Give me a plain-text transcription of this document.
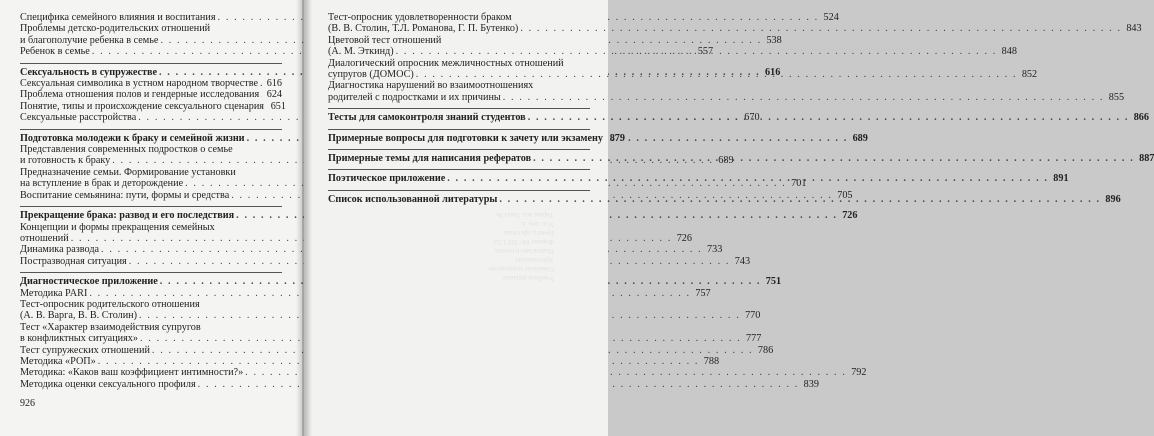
Специфика семейного влияния и воспитания . . .	524
Проблемы детско-родительских отношений
и благополучие ребенка в семье . . .	538
Ребенок в семье . . .	557
Сексуальность в супружестве . . .	616
Сексуальная символика в устном народном творчестве . . . 616
Проблема отношения полов и гендерные исследования . . . 624
Понятие, типы и происхождение сексуального сценария 651
Сексуальные расстройства . . .	670
Подготовка молодежи к браку и семейной жизни . . .	689
Представления современных подростков о семье
и готовность к браку . . .	689
Предназначение семьи. Формирование установки
на вступление в брак и деторождение . . .	701
Воспитание семьянина: пути, формы и средства . . .	705
Прекращение брака: развод и его последствия . . .	726
Концепции и формы прекращения семейных
отношений . . .	726
Динамика развода . . .	733
Постразводная ситуация . . .	743
Диагностическое приложение . . .	751
Методика PARI . . .	757
Тест-опросник родительского отношения
(А. В. Варга, В. В. Столин) . . .	770
Тест «Характер взаимодействия супругов
в конфликтных ситуациях» . . .	777
Тест супружеских отношений . . .	786
Методика «РОП» . . .	788
Методика: «Каков ваш коэффициент интимности?» . . .	792
Методика оценки сексуального профиля . . .	839
926
Учебное издание
Семейная психология
Хрестоматия
Подписано в печать
Формат 84×108 1/32
Бумага офсетная
Усл. печ. л.
Тираж экз. Заказ №
Тест-опросник удовлетворенности браком
(В. В. Столин, Т.Л. Романова, Г. П. Бутенко) . . .	843
Цветовой тест отношений
(А. М. Эткинд) . . .	848
Диалогический опросник межличностных отношений
супругов (ДОМОС) . . .	852
Диагностика нарушений во взаимоотношениях
родителей с подростками и их причины . . .	855
Тесты для самоконтроля знаний студентов . . .	866
Примерные вопросы для подготовки к зачету или экзамену 879
Примерные темы для написания рефератов . . .	887
Поэтическое приложение . . .	891
Список использованной литературы . . .	896
